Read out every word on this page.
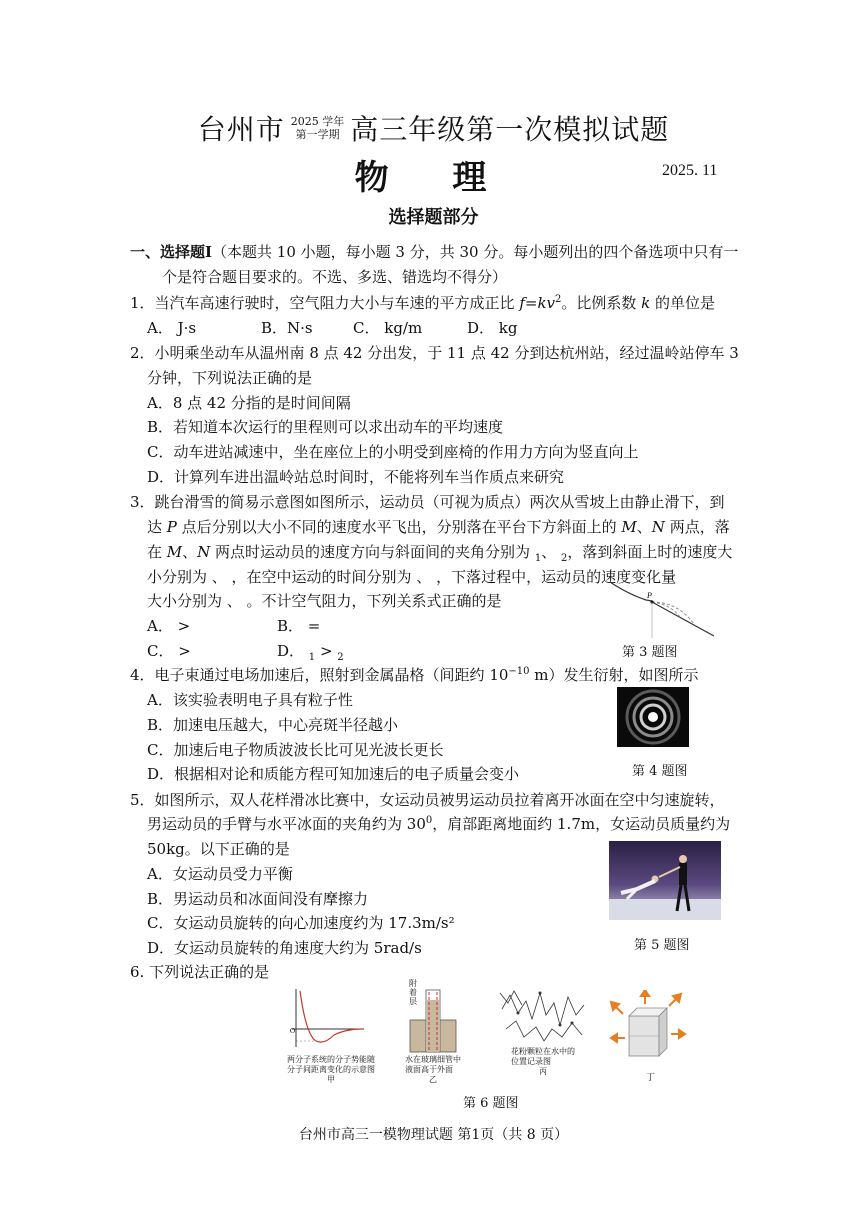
台州市 2025 学年
第一学期 高三年级第一次模拟试题
物 理	2025. 11
选择题部分
一、选择题Ⅰ（本题共 10 小题，每小题 3 分，共 30 分。每小题列出的四个备选项中只有一
个是符合题目要求的。不选、多选、错选均不得分）
1．当汽车高速行驶时，空气阻力大小与车速的平方成正比 $f=kv^2$。比例系数 k 的单位是
A． J·s	B．N·s	C． kg/m	D． kg
2．小明乘坐动车从温州南 8 点 42 分出发，于 11 点 42 分到达杭州站，经过温岭站停车 3
分钟，下列说法正确的是
A．8 点 42 分指的是时间间隔
B．若知道本次运行的里程则可以求出动车的平均速度
C．动车进站减速中，坐在座位上的小明受到座椅的作用力方向为竖直向上
D．计算列车进出温岭站总时间时，不能将列车当作质点来研究
3．跳台滑雪的简易示意图如图所示，运动员（可视为质点）两次从雪坡上由静止滑下，到
达 P 点后分别以大小不同的速度水平飞出，分别落在平台下方斜面上的 M、N 两点，落
在 M、N 两点时运动员的速度方向与斜面间的夹角分别为 $_1$、 $_2$，落到斜面上时的速度大
小分别为 、 ，在空中运动的时间分别为 、 ，下落过程中，运动员的速度变化量
大小分别为 、 。不计空气阻力，下列关系式正确的是
A． >	B． =
C． >	D． $_1$ > $_2$
P
第 3 题图
4．电子束通过电场加速后，照射到金属晶格（间距约 $10^{-10}$ m）发生衍射，如图所示
A．该实验表明电子具有粒子性
B．加速电压越大，中心亮斑半径越小
C．加速后电子物质波波长比可见光波长更长
D．根据相对论和质能方程可知加速后的电子质量会变小	第 4 题图
5．如图所示，双人花样滑冰比赛中，女运动员被男运动员拉着离开冰面在空中匀速旋转，
男运动员的手臂与水平冰面的夹角约为 $30^0$，肩部距离地面约 1.7m，女运动员质量约为
50kg。以下正确的是
A．女运动员受力平衡
B．男运动员和冰面间没有摩擦力
C．女运动员旋转的向心加速度约为 17.3m/s²
D．女运动员旋转的角速度大约为 5rad/s	第 5 题图
6. 下列说法正确的是
O
两分子系统的分子势能随
分子间距离变化的示意图
甲
附着层
水在玻璃细管中
液面高于外面
乙
花粉颗粒在水中的
位置记录图
丙
丁
第 6 题图
台州市高三一模物理试题 第1页（共 8 页）
